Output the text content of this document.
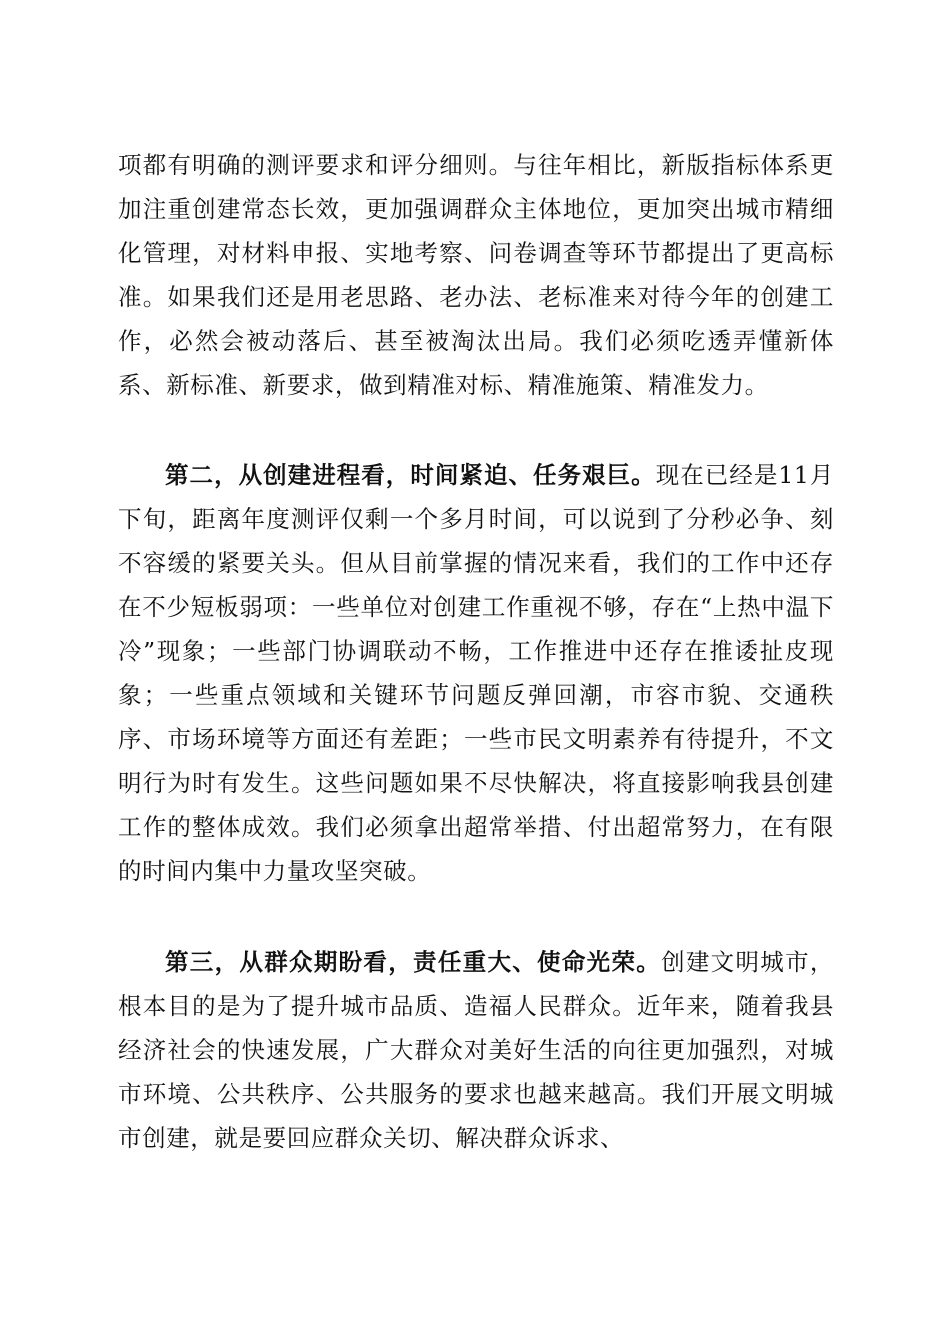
项都有明确的测评要求和评分细则。与往年相比，新版指标体系更加注重创建常态长效，更加强调群众主体地位，更加突出城市精细化管理，对材料申报、实地考察、问卷调查等环节都提出了更高标准。如果我们还是用老思路、老办法、老标准来对待今年的创建工作，必然会被动落后、甚至被淘汰出局。我们必须吃透弄懂新体系、新标准、新要求，做到精准对标、精准施策、精准发力。

第二，从创建进程看，时间紧迫、任务艰巨。现在已经是11月下旬，距离年度测评仅剩一个多月时间，可以说到了分秒必争、刻不容缓的紧要关头。但从目前掌握的情况来看，我们的工作中还存在不少短板弱项：一些单位对创建工作重视不够，存在“上热中温下冷”现象；一些部门协调联动不畅，工作推进中还存在推诿扯皮现象；一些重点领域和关键环节问题反弹回潮，市容市貌、交通秩序、市场环境等方面还有差距；一些市民文明素养有待提升，不文明行为时有发生。这些问题如果不尽快解决，将直接影响我县创建工作的整体成效。我们必须拿出超常举措、付出超常努力，在有限的时间内集中力量攻坚突破。

第三，从群众期盼看，责任重大、使命光荣。创建文明城市，根本目的是为了提升城市品质、造福人民群众。近年来，随着我县经济社会的快速发展，广大群众对美好生活的向往更加强烈，对城市环境、公共秩序、公共服务的要求也越来越高。我们开展文明城市创建，就是要回应群众关切、解决群众诉求、
